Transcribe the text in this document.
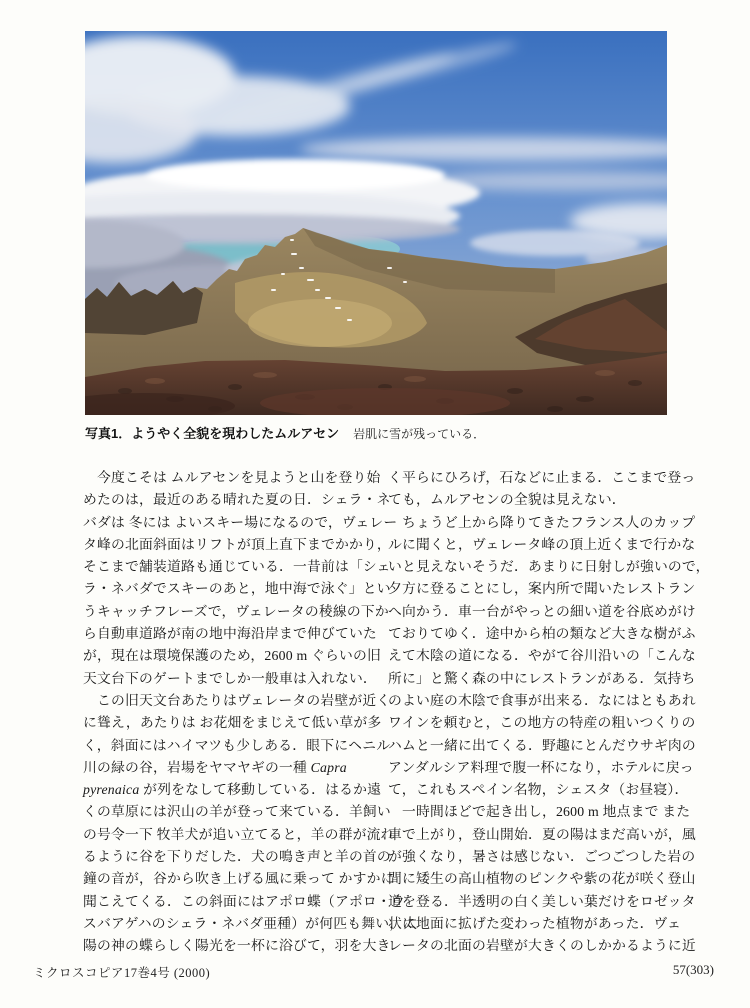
写真1．ようやく全貌を現わしたムルアセン 岩肌に雪が残っている．
　今度こそは ムルアセンを見ようと山を登り始
めたのは，最近のある晴れた夏の日．シェラ・ネ
バダは 冬には よいスキー場になるので，ヴェレー
タ峰の北面斜面はリフトが頂上直下までかかり，
そこまで舗装道路も通じている．一昔前は「シェ
ラ・ネバダでスキーのあと，地中海で泳ぐ」とい
うキャッチフレーズで，ヴェレータの稜線の下か
ら自動車道路が南の地中海沿岸まで伸びていた
が，現在は環境保護のため，2600 m ぐらいの旧
天文台下のゲートまでしか一般車は入れない．
　この旧天文台あたりはヴェレータの岩壁が近く
に聳え，あたりは お花畑をまじえて低い草が多
く，斜面にはハイマツも少しある．眼下にヘニル
川の緑の谷，岩場をヤマヤギの一種 Capra
pyrenaica が列をなして移動している．はるか遠
くの草原には沢山の羊が登って来ている．羊飼い
の号令一下 牧羊犬が追い立てると，羊の群が流れ
るように谷を下りだした．犬の鳴き声と羊の首の
鐘の音が，谷から吹き上げる風に乗って かすかに
聞こえてくる．この斜面にはアポロ蝶（アポロ・ウ
スバアゲハのシェラ・ネバダ亜種）が何匹も舞い，太
陽の神の蝶らしく陽光を一杯に浴びて，羽を大き
く平らにひろげ，石などに止まる．ここまで登っ
ても，ムルアセンの全貌は見えない．
　ちょうど上から降りてきたフランス人のカップ
ルに聞くと，ヴェレータ峰の頂上近くまで行かな
いと見えないそうだ．あまりに日射しが強いので，
夕方に登ることにし，案内所で聞いたレストラン
へ向かう．車一台がやっとの細い道を谷底めがけ
ておりてゆく．途中から柏の類など大きな樹がふ
えて木陰の道になる．やがて谷川沿いの「こんな
所に」と驚く森の中にレストランがある．気持ち
のよい庭の木陰で食事が出来る．なにはともあれ
ワインを頼むと，この地方の特産の粗いつくりの
ハムと一緒に出てくる．野趣にとんだウサギ肉の
アンダルシア料理で腹一杯になり，ホテルに戻っ
て，これもスペイン名物，シェスタ（お昼寝）．
　一時間ほどで起き出し，2600 m 地点まで また
車で上がり，登山開始．夏の陽はまだ高いが，風
が強くなり，暑さは感じない．ごつごつした岩の
間に矮生の高山植物のピンクや紫の花が咲く登山
道を登る．半透明の白く美しい葉だけをロゼッタ
状に地面に拡げた変わった植物があった．ヴェ
レータの北面の岩壁が大きくのしかかるように近
ミクロスコピア17巻4号 (2000)	57(303)
